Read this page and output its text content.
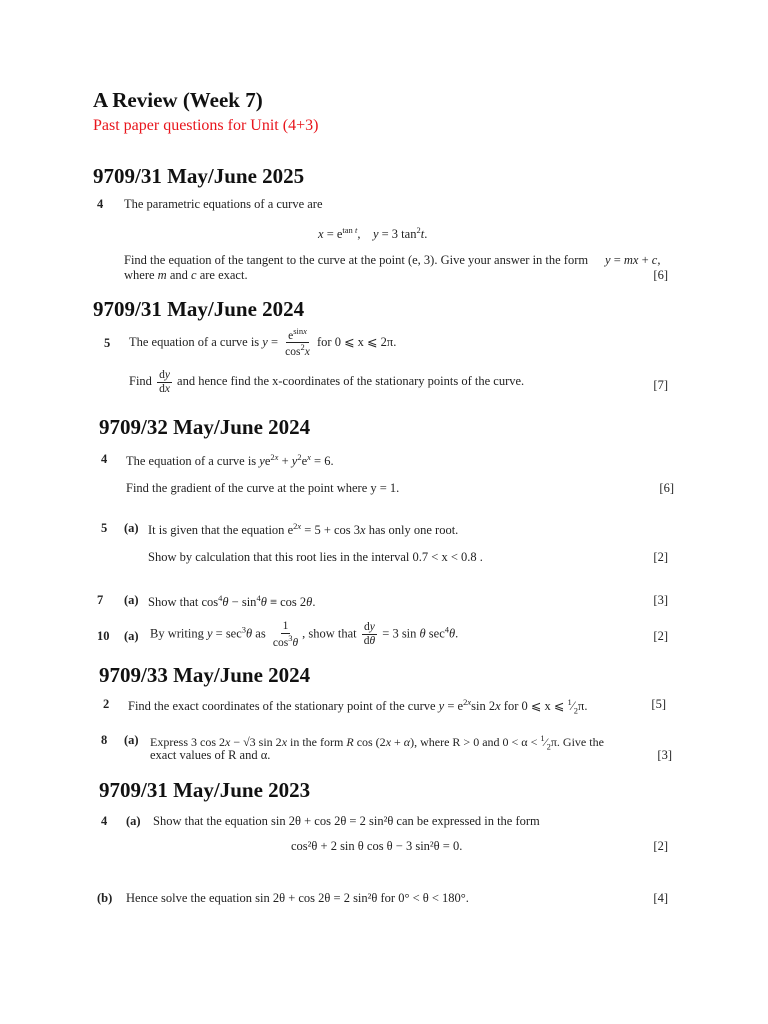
A Review (Week 7)
Past paper questions for Unit (4+3)
9709/31 May/June 2025
4 The parametric equations of a curve are
$x = e^{tan t}$,    y = 3 $\tan^2t$.
Find the equation of the tangent to the curve at the point (e, 3). Give your answer in the form y = mx + c,
where m and c are exact.	[6]
9709/31 May/June 2024
5 The equation of a curve is $y = \frac{e^{sinx}}{\cos^2x}$ for 0 ⩽ x ⩽ 2π.
Find $\frac{dy}{dx}$ and hence find the x-coordinates of the stationary points of the curve.	[7]
9709/32 May/June 2024
4 The equation of a curve is $ye^{2x} + y^2e^x = 6$.
Find the gradient of the curve at the point where y = 1.	[6]
5 (a) It is given that the equation $e^{2x} = 5 + \cos 3x$ has only one root.
Show by calculation that this root lies in the interval 0.7 < x < 0.8 .	[2]
7 (a) Show that $\cos^4\theta - \sin^4\theta \equiv \cos 2\theta$.	[3]
10 (a) By writing $y = \sec^3\theta$ as $\frac{1}{\cos^3\theta}$ , show that $\frac{dy}{d\theta} = 3$ sin θ $\sec^4\theta$.	[2]
9709/33 May/June 2024
2 Find the exact coordinates of the stationary point of the curve $y = e^{2x}\sin$ 2x for 0 ⩽ x ⩽ $^1⁄_2\pi$.	[5]
8 (a) Express 3 cos 2x − √3 sin 2x in the form R cos (2x + α), where R > 0 and $0 < \alpha < ^1⁄_2\pi$. Give the
exact values of R and α.	[3]
9709/31 May/June 2023
4 (a) Show that the equation sin 2θ + cos 2θ = 2 sin²θ can be expressed in the form
cos²θ + 2 sin θ cos θ − 3 sin²θ = 0.	[2]
(b) Hence solve the equation sin 2θ + cos 2θ = 2 sin²θ for 0° < θ < 180°.	[4]
